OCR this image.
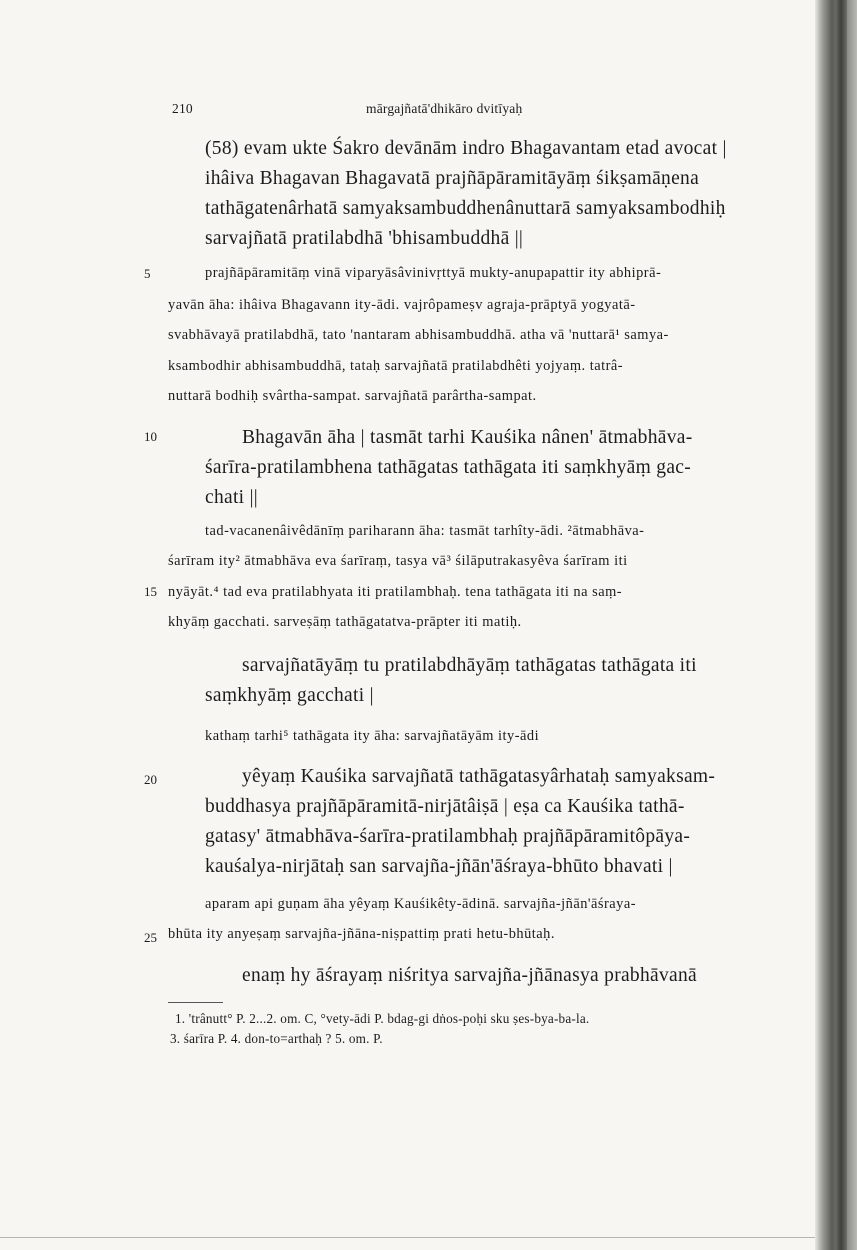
210	mārgajñatā'dhikāro dvitīyaḥ
5
10
15
20
25
(58) evam ukte Śakro devānām indro Bhagavantam etad avocat |
ihâiva Bhagavan Bhagavatā prajñāpāramitāyāṃ śikṣamāṇena
tathāgatenârhatā samyaksambuddhenânuttarā samyaksambodhiḥ
sarvajñatā pratilabdhā 'bhisambuddhā ||
prajñāpāramitāṃ vinā viparyāsâvinivṛttyā mukty-anupapattir ity abhiprā-
yavān āha: ihâiva Bhagavann ity-ādi. vajrôpameṣv agraja-prāptyā yogyatā-
svabhāvayā pratilabdhā, tato 'nantaram abhisambuddhā. atha vā 'nuttarā¹ samya-
ksambodhir abhisambuddhā, tataḥ sarvajñatā pratilabdhêti yojyaṃ. tatrâ-
nuttarā bodhiḥ svârtha-sampat. sarvajñatā parârtha-sampat.
Bhagavān āha | tasmāt tarhi Kauśika nânen' ātmabhāva-
śarīra-pratilambhena tathāgatas tathāgata iti saṃkhyāṃ gac-
chati ||
tad-vacanenâivêdānīṃ pariharann āha: tasmāt tarhîty-ādi. ²ātmabhāva-
śarīram ity² ātmabhāva eva śarīraṃ, tasya vā³ śilāputrakasyêva śarīram iti
nyāyāt.⁴ tad eva pratilabhyata iti pratilambhaḥ. tena tathāgata iti na saṃ-
khyāṃ gacchati. sarveṣāṃ tathāgatatva-prāpter iti matiḥ.
sarvajñatāyāṃ tu pratilabdhāyāṃ tathāgatas tathāgata iti
saṃkhyāṃ gacchati |
kathaṃ tarhi⁵ tathāgata ity āha: sarvajñatāyām ity-ādi
yêyaṃ Kauśika sarvajñatā tathāgatasyârhataḥ samyaksam-
buddhasya prajñāpāramitā-nirjātâiṣā | eṣa ca Kauśika tathā-
gatasy' ātmabhāva-śarīra-pratilambhaḥ prajñāpāramitôpāya-
kauśalya-nirjātaḥ san sarvajña-jñān'āśraya-bhūto bhavati |
aparam api guṇam āha yêyaṃ Kauśikêty-ādinā. sarvajña-jñān'āśraya-
bhūta ity anyeṣaṃ sarvajña-jñāna-niṣpattiṃ prati hetu-bhūtaḥ.
enaṃ hy āśrayaṃ niśritya sarvajña-jñānasya prabhāvanā
1. 'trânutt° P. 2...2. om. C, °vety-ādi P. bdag-gi dṅos-poḥi sku ṣes-bya-ba-la.
3. śarīra P. 4. don-to=arthaḥ ? 5. om. P.
